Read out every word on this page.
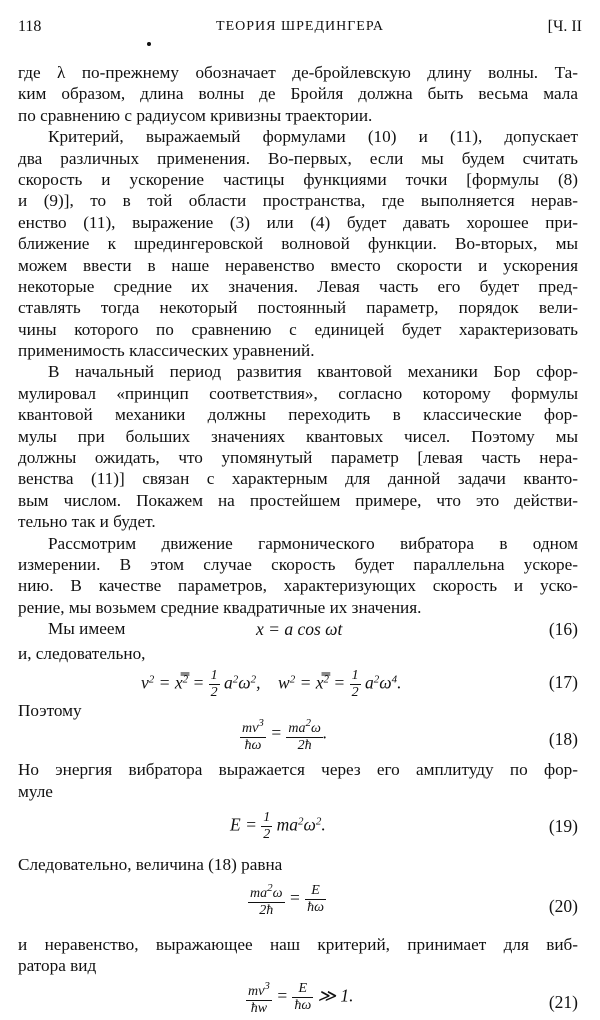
118	ТЕОРИЯ ШРЕДИНГЕРА	[Ч. II
где λ по-прежнему обозначает де-бройлевскую длину волны. Та-
ким образом, длина волны де Бройля должна быть весьма мала
по сравнению с радиусом кривизны траектории.
Критерий, выражаемый формулами (10) и (11), допускает
два различных применения. Во-первых, если мы будем считать
скорость и ускорение частицы функциями точки [формулы (8)
и (9)], то в той области пространства, где выполняется нерав-
енство (11), выражение (3) или (4) будет давать хорошее при-
ближение к шредингеровской волновой функции. Во-вторых, мы
можем ввести в наше неравенство вместо скорости и ускорения
некоторые средние их значения. Левая часть его будет пред-
ставлять тогда некоторый постоянный параметр, порядок вели-
чины которого по сравнению с единицей будет характеризовать
применимость классических уравнений.
В начальный период развития квантовой механики Бор сфор-
мулировал «принцип соответствия», согласно которому формулы
квантовой механики должны переходить в классические фор-
мулы при больших значениях квантовых чисел. Поэтому мы
должны ожидать, что упомянутый параметр [левая часть нера-
венства (11)] связан с характерным для данной задачи кванто-
вым числом. Покажем на простейшем примере, что это действи-
тельно так и будет.
Рассмотрим движение гармонического вибратора в одном
измерении. В этом случае скорость будет параллельна ускоре-
нию. В качестве параметров, характеризующих скорость и уско-
рение, мы возьмем средние квадратичные их значения.
Мы имеем	x = a cos ωt	(16)
и, следовательно,
$v^2$ = x̿$^2$ = $\frac{1}{2} a^2\omega^2$,    $w^2$ = x̿$^2$ = $\frac{1}{2} a^2\omega^4$.	(17)
Поэтому
$\frac{mv^3}{ħ\omega} = \frac{ma^2\omega}{2ħ}$ .	(18)
Но энергия вибратора выражается через его амплитуду по фор-
муле
$E = \frac{1}{2} ma^2\omega^2$.	(19)
Следовательно, величина (18) равна
$\frac{ma^2\omega}{2ħ} = \frac{E}{ħ\omega}$	(20)
и неравенство, выражающее наш критерий, принимает для виб-
ратора вид
$\frac{mv^3}{ħw} = \frac{E}{ħ\omega}$ ≫ 1.	(21)
